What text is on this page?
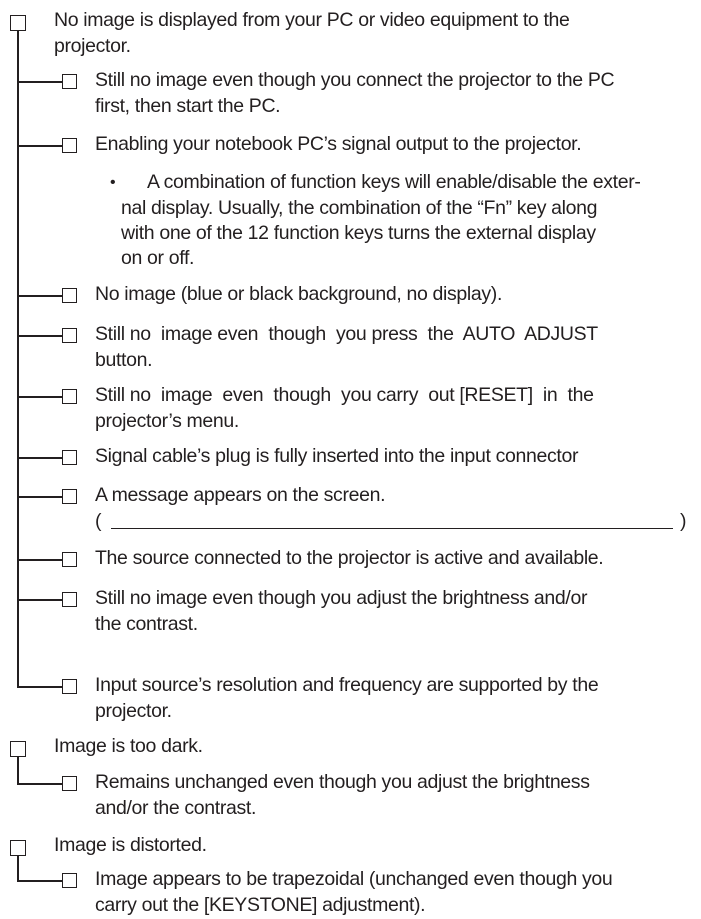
No image is displayed from your PC or video equipment to the
projector.
Still no image even though you connect the projector to the PC
first, then start the PC.
Enabling your notebook PC’s signal output to the projector.
• A combination of function keys will enable/disable the exter-
nal display. Usually, the combination of the “Fn” key along
with one of the 12 function keys turns the external display
on or off.
No image (blue or black background, no display).
Still no  image even  though  you press  the  AUTO  ADJUST
button.
Still no  image  even  though  you carry  out [RESET]  in  the
projector’s menu.
Signal cable’s plug is fully inserted into the input connector
A message appears on the screen.
(	)
The source connected to the projector is active and available.
Still no image even though you adjust the brightness and/or
the contrast.
Input source’s resolution and frequency are supported by the
projector.
Image is too dark.
Remains unchanged even though you adjust the brightness
and/or the contrast.
Image is distorted.
Image appears to be trapezoidal (unchanged even though you
carry out the [KEYSTONE] adjustment).
